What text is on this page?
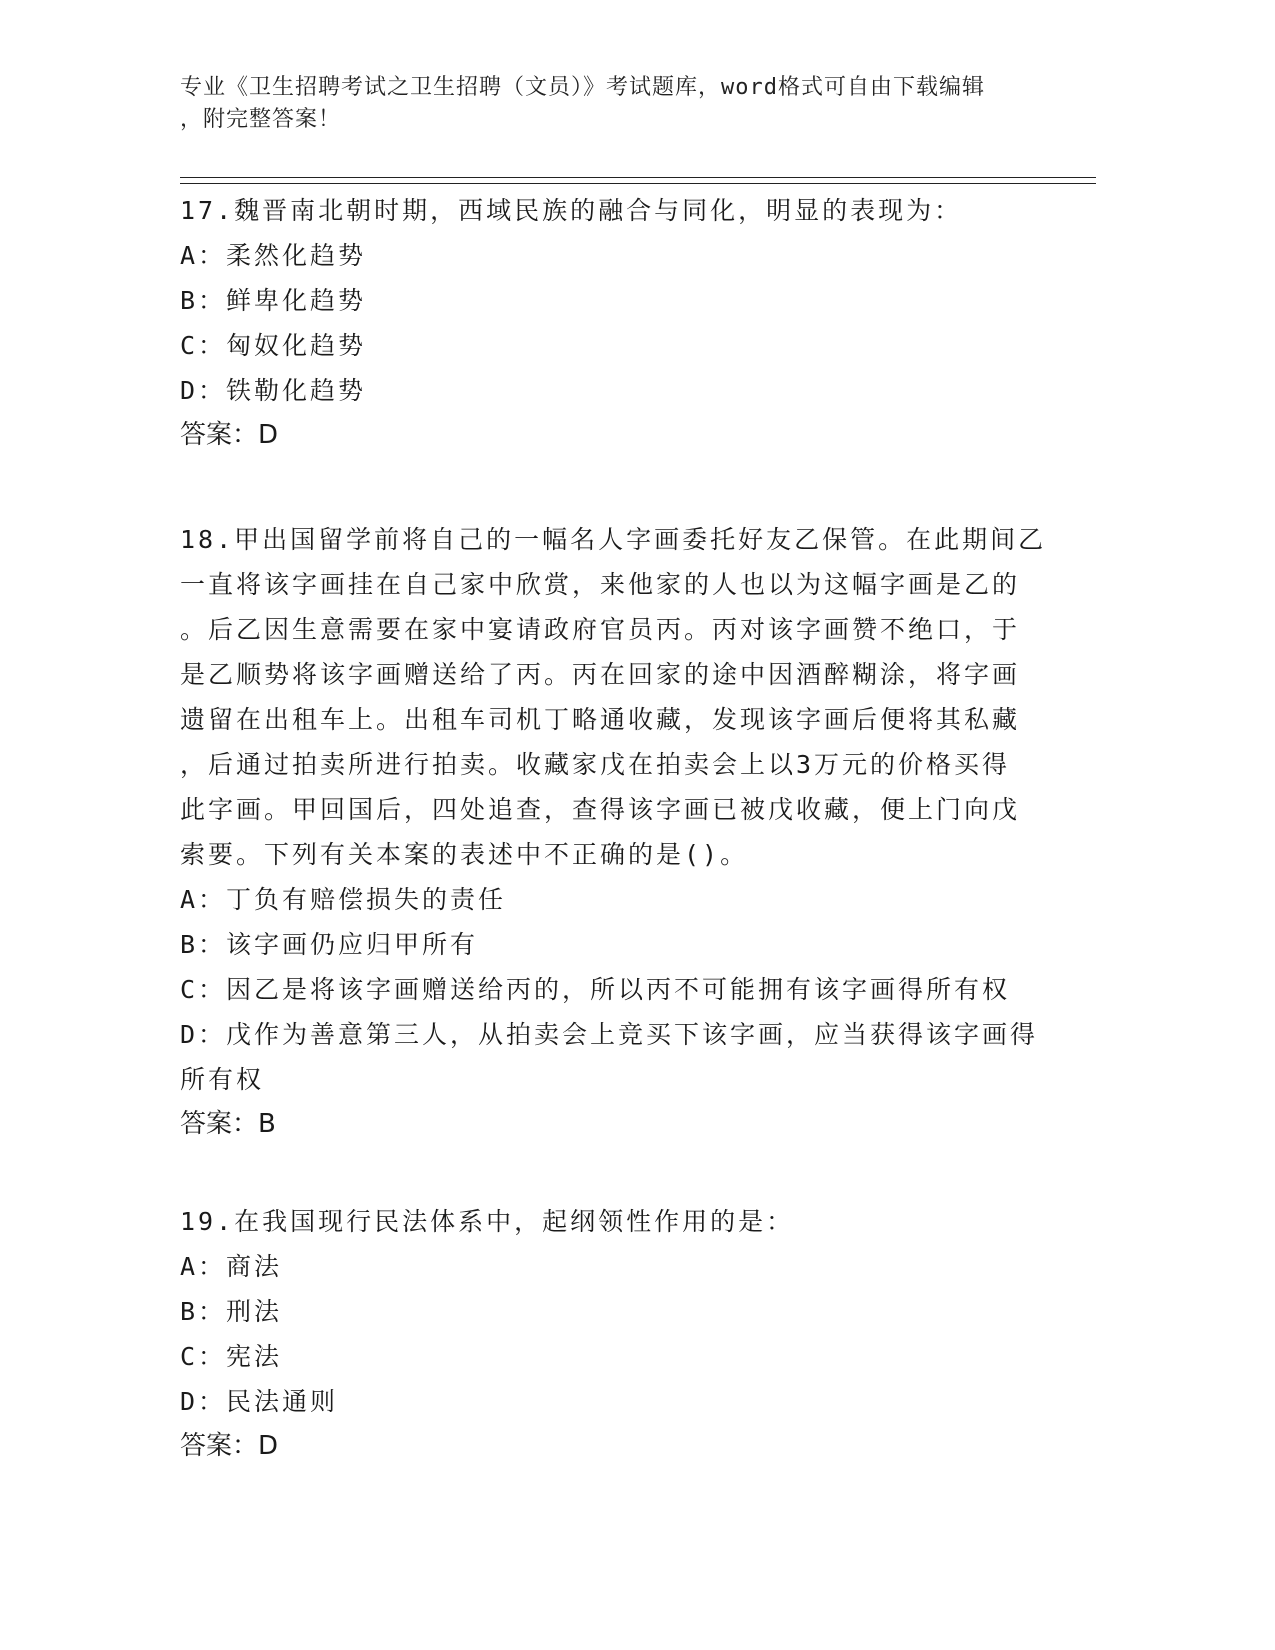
专业《卫生招聘考试之卫生招聘（文员）》考试题库，word格式可自由下载编辑
，附完整答案！
17.魏晋南北朝时期，西域民族的融合与同化，明显的表现为：
A：柔然化趋势
B：鲜卑化趋势
C：匈奴化趋势
D：铁勒化趋势
答案：D
18.甲出国留学前将自己的一幅名人字画委托好友乙保管。在此期间乙
一直将该字画挂在自己家中欣赏，来他家的人也以为这幅字画是乙的
。后乙因生意需要在家中宴请政府官员丙。丙对该字画赞不绝口，于
是乙顺势将该字画赠送给了丙。丙在回家的途中因酒醉糊涂，将字画
遗留在出租车上。出租车司机丁略通收藏，发现该字画后便将其私藏
，后通过拍卖所进行拍卖。收藏家戊在拍卖会上以3万元的价格买得
此字画。甲回国后，四处追查，查得该字画已被戊收藏，便上门向戊
索要。下列有关本案的表述中不正确的是()。
A：丁负有赔偿损失的责任
B：该字画仍应归甲所有
C：因乙是将该字画赠送给丙的，所以丙不可能拥有该字画得所有权
D：戊作为善意第三人，从拍卖会上竞买下该字画，应当获得该字画得
所有权
答案：B
19.在我国现行民法体系中，起纲领性作用的是：
A：商法
B：刑法
C：宪法
D：民法通则
答案：D
